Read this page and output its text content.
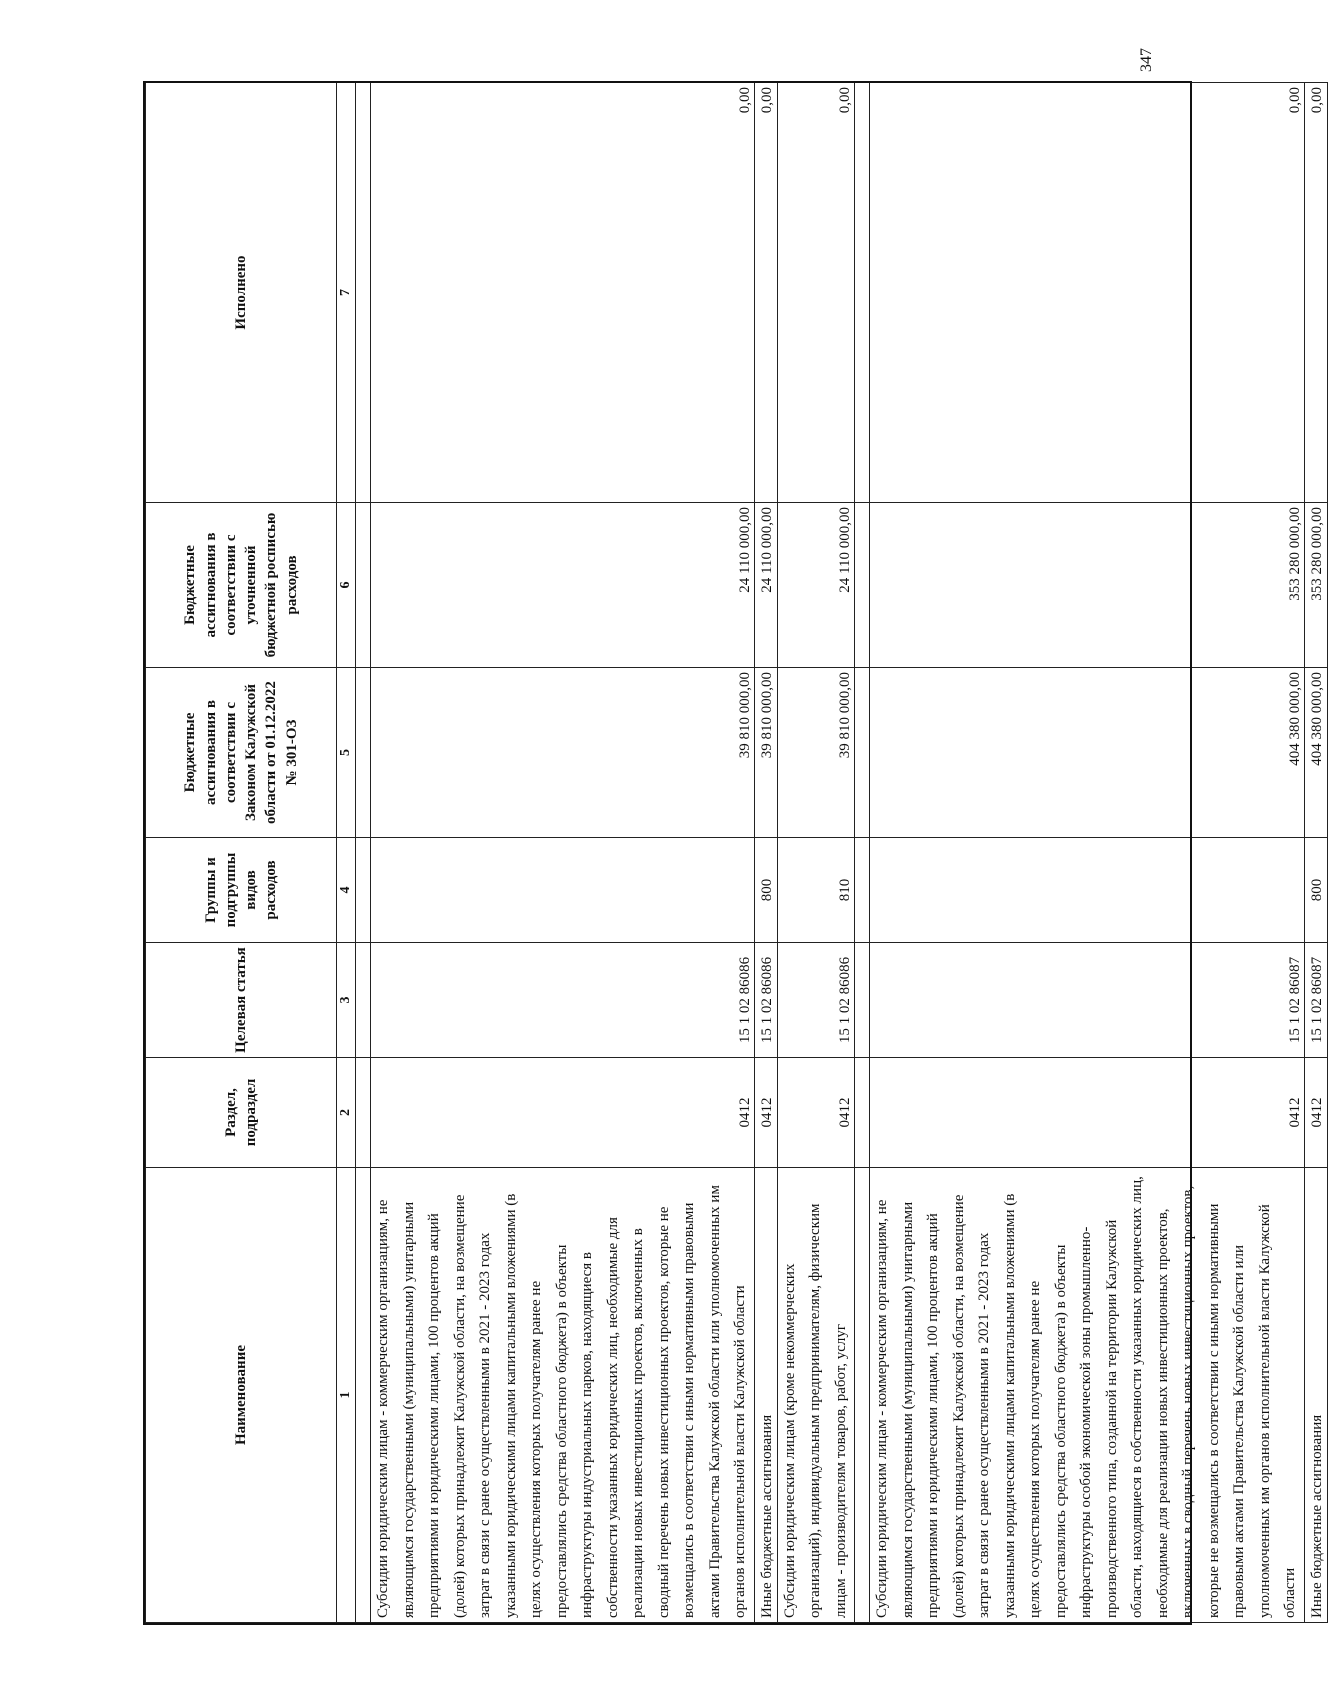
347
Наименование	Раздел, подраздел	Целевая статья	Группы и подгруппы видов расходов	Бюджетные ассигнования в соответствии с Законом Калужской области от 01.12.2022 № 301-ОЗ	Бюджетные ассигнования в соответствии с уточненной бюджетной росписью расходов	Исполнено
1	2	3	4	5	6	7

Субсидии юридическим лицам - коммерческим организациям, не являющимся государственными (муниципальными) унитарными предприятиями и юридическими лицами, 100 процентов акций (долей) которых принадлежит Калужской области, на возмещение затрат в связи с ранее осуществленными в 2021 - 2023 годах указанными юридическими лицами капитальными вложениями (в целях осуществления которых получателям ранее не предоставлялись средства областного бюджета) в объекты инфраструктуры индустриальных парков, находящиеся в собственности указанных юридических лиц, необходимые для реализации новых инвестиционных проектов, включенных в сводный перечень новых инвестиционных проектов, которые не возмещались в соответствии с иными нормативными правовыми актами Правительства Калужской области или уполномоченных им органов исполнительной власти Калужской области	0412	15 1 02 86086		39 810 000,00	24 110 000,00	0,00
Иные бюджетные ассигнования	0412	15 1 02 86086	800	39 810 000,00	24 110 000,00	0,00
Субсидии юридическим лицам (кроме некоммерческих организаций), индивидуальным предпринимателям, физическим лицам - производителям товаров, работ, услуг	0412	15 1 02 86086	810	39 810 000,00	24 110 000,00	0,00

Субсидии юридическим лицам - коммерческим организациям, не являющимся государственными (муниципальными) унитарными предприятиями и юридическими лицами, 100 процентов акций (долей) которых принадлежит Калужской области, на возмещение затрат в связи с ранее осуществленными в 2021 - 2023 годах указанными юридическими лицами капитальными вложениями (в целях осуществления которых получателям ранее не предоставлялись средства областного бюджета) в объекты инфраструктуры особой экономической зоны промышленно-производственного типа, созданной на территории Калужской области, находящиеся в собственности указанных юридических лиц, необходимые для реализации новых инвестиционных проектов, включенных в сводный перечень новых инвестиционных проектов, которые не возмещались в соответствии с иными нормативными правовыми актами Правительства Калужской области или уполномоченных им органов исполнительной власти Калужской области	0412	15 1 02 86087		404 380 000,00	353 280 000,00	0,00
Иные бюджетные ассигнования	0412	15 1 02 86087	800	404 380 000,00	353 280 000,00	0,00
